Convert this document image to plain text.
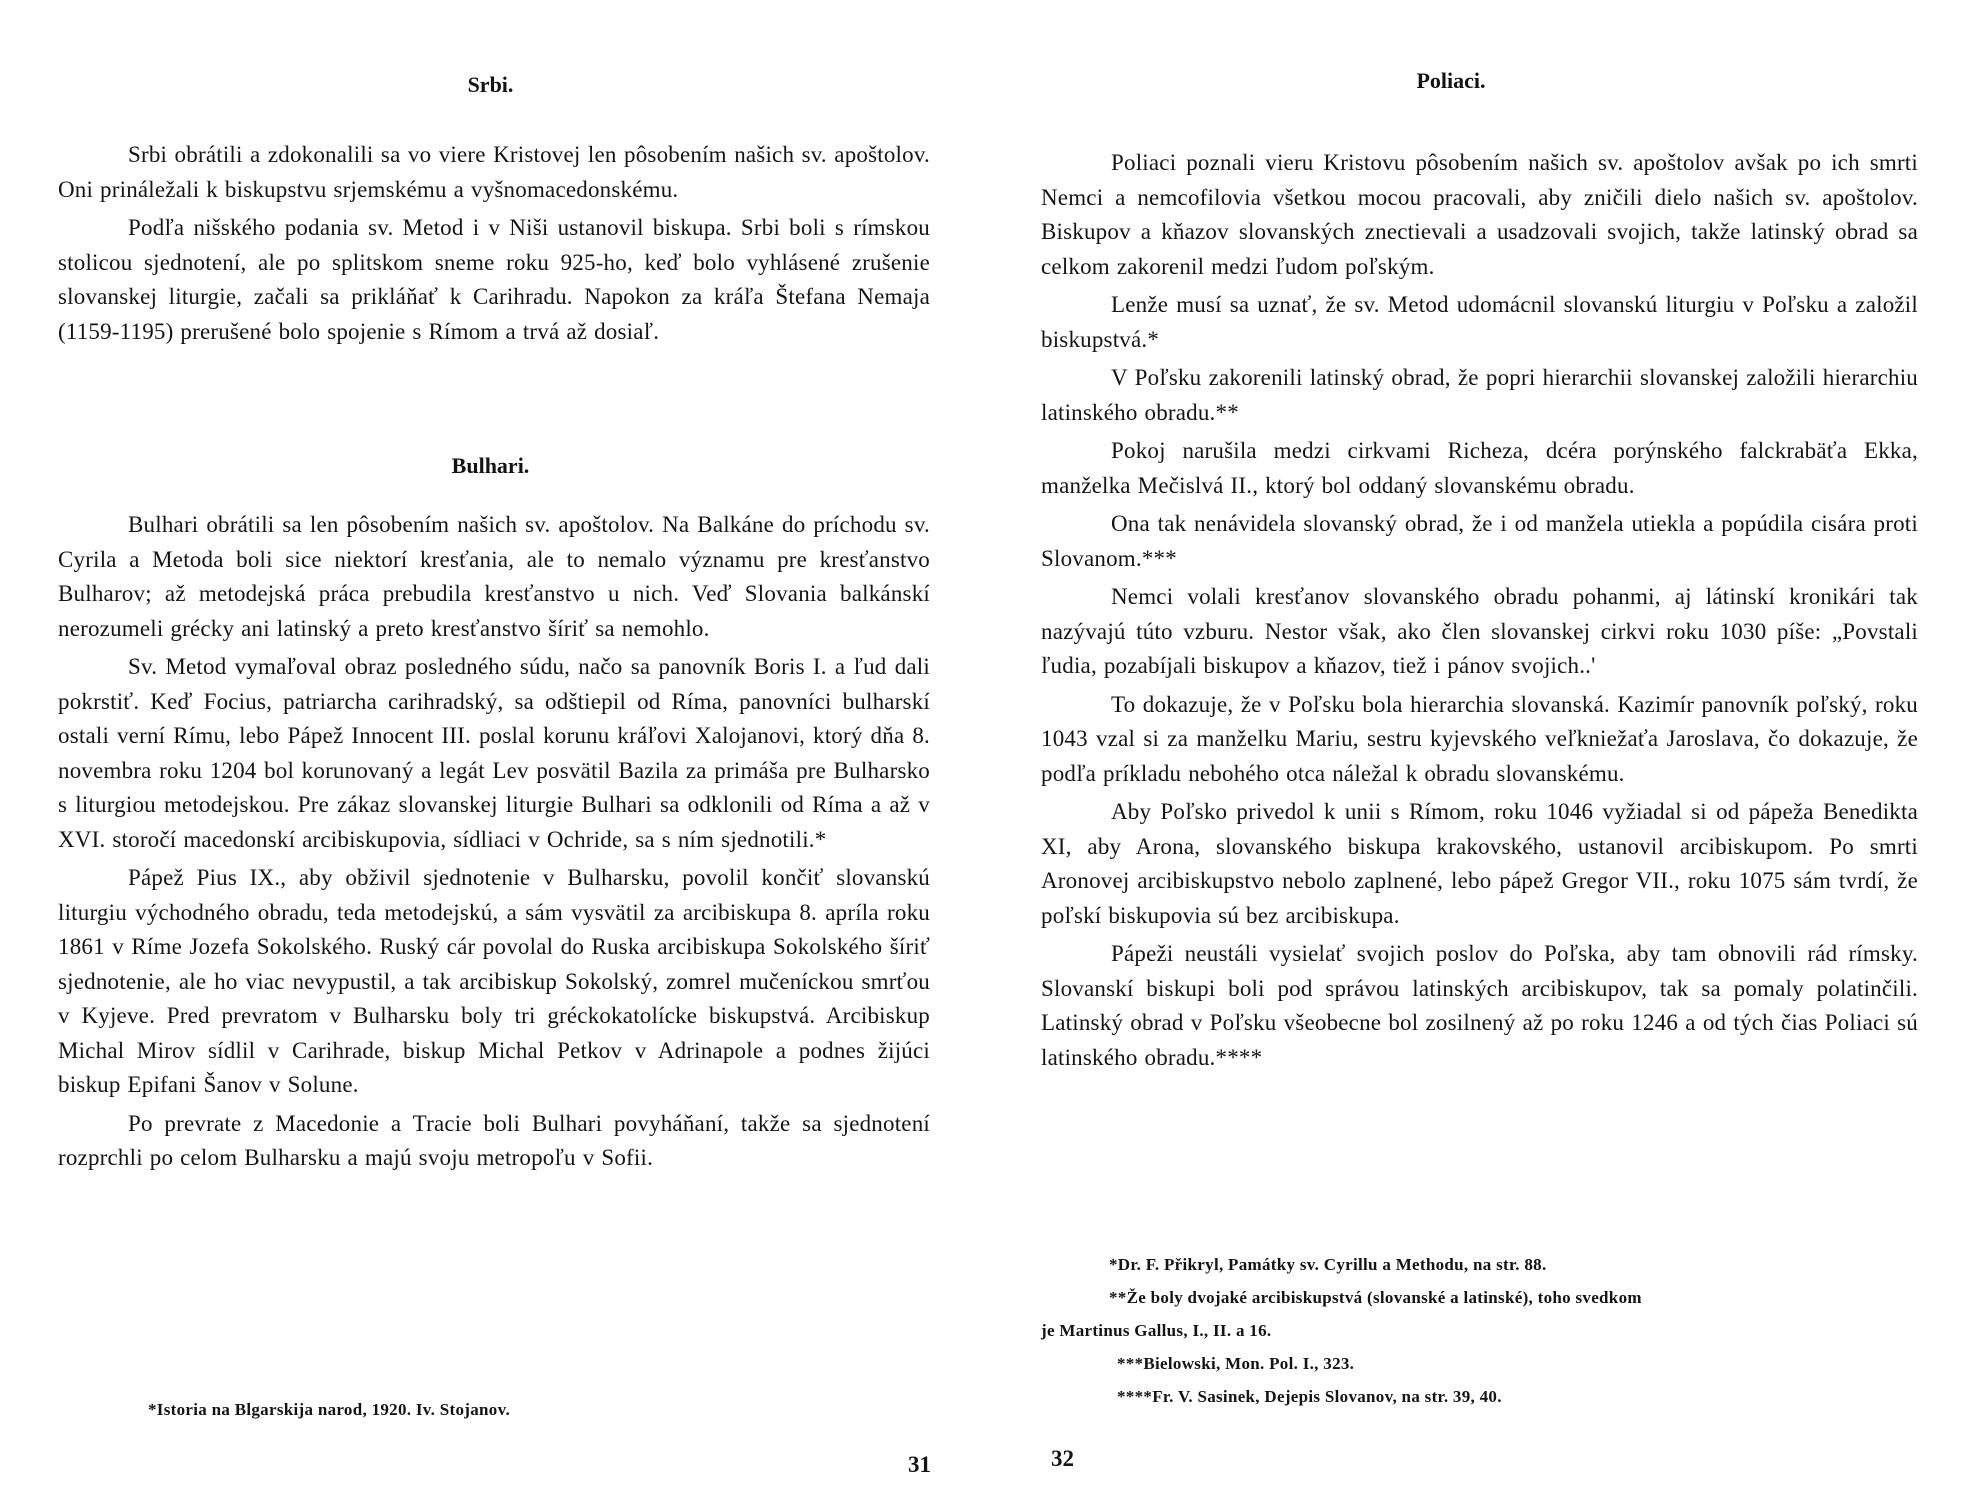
Srbi.

Srbi obrátili a zdokonalili sa vo viere Kristovej len pôsobením našich sv. apoštolov. Oni prináležali k biskupstvu srjemskému a vyšnomacedonskému.

Podľa nišského podania sv. Metod i v Niši ustanovil biskupa. Srbi boli s rímskou stolicou sjednotení, ale po splitskom sneme roku 925-ho, keď bolo vyhlásené zrušenie slovanskej liturgie, začali sa prikláňať k Carihradu. Napokon za kráľa Štefana Nemaja (1159-1195) prerušené bolo spojenie s Rímom a trvá až dosiaľ.

Bulhari.

Bulhari obrátili sa len pôsobením našich sv. apoštolov. Na Balkáne do príchodu sv. Cyrila a Metoda boli sice niektorí kresťania, ale to nemalo významu pre kresťanstvo Bulharov; až metodejská práca prebudila kresťanstvo u nich. Veď Slovania balkánskí nerozumeli grécky ani latinský a preto kresťanstvo šíriť sa nemohlo.

Sv. Metod vymaľoval obraz posledného súdu, načo sa panovník Boris I. a ľud dali pokrstiť. Keď Focius, patriarcha carihradský, sa odštiepil od Ríma, panovníci bulharskí ostali verní Rímu, lebo Pápež Innocent III. poslal korunu kráľovi Xalojanovi, ktorý dňa 8. novembra roku 1204 bol korunovaný a legát Lev posvätil Bazila za primáša pre Bulharsko s liturgiou metodejskou. Pre zákaz slovanskej liturgie Bulhari sa odklonili od Ríma a až v XVI. storočí macedonskí arcibiskupovia, sídliaci v Ochride, sa s ním sjednotili.*

Pápež Pius IX., aby obživil sjednotenie v Bulharsku, povolil končiť slovanskú liturgiu východného obradu, teda metodejskú, a sám vysvätil za arcibiskupa 8. apríla roku 1861 v Ríme Jozefa Sokolského. Ruský cár povolal do Ruska arcibiskupa Sokolského šíriť sjednotenie, ale ho viac nevypustil, a tak arcibiskup Sokolský, zomrel mučeníckou smrťou v Kyjeve. Pred prevratom v Bulharsku boly tri gréckokatolícke biskupstvá. Arcibiskup Michal Mirov sídlil v Carihrade, biskup Michal Petkov v Adrinapole a podnes žijúci biskup Epifani Šanov v Solune.

Po prevrate z Macedonie a Tracie boli Bulhari povyháňaní, takže sa sjednotení rozprchli po celom Bulharsku a majú svoju metropoľu v Sofii.

*Istoria na Blgarskija narod, 1920. Iv. Stojanov.

31
Poliaci.

Poliaci poznali vieru Kristovu pôsobením našich sv. apoštolov avšak po ich smrti Nemci a nemcofilovia všetkou mocou pracovali, aby zničili dielo našich sv. apoštolov. Biskupov a kňazov slovanských znectievali a usadzovali svojich, takže latinský obrad sa celkom zakorenil medzi ľudom poľským.

Lenže musí sa uznať, že sv. Metod udomácnil slovanskú liturgiu v Poľsku a založil biskupstvá.*

V Poľsku zakorenili latinský obrad, že popri hierarchii slovanskej založili hierarchiu latinského obradu.**

Pokoj narušila medzi cirkvami Richeza, dcéra porýnského falckrabäťa Ekka, manželka Mečislvá II., ktorý bol oddaný slovanskému obradu.

Ona tak nenávidela slovanský obrad, že i od manžela utiekla a popúdila cisára proti Slovanom.***

Nemci volali kresťanov slovanského obradu pohanmi, aj látinskí kronikári tak nazývajú túto vzburu. Nestor však, ako člen slovanskej cirkvi roku 1030 píše: „Povstali ľudia, pozabíjali biskupov a kňazov, tiež i pánov svojich..'

To dokazuje, že v Poľsku bola hierarchia slovanská. Kazimír panovník poľský, roku 1043 vzal si za manželku Mariu, sestru kyjevského veľkniežaťa Jaroslava, čo dokazuje, že podľa príkladu nebohého otca náležal k obradu slovanskému.

Aby Poľsko privedol k unii s Rímom, roku 1046 vyžiadal si od pápeža Benedikta XI, aby Arona, slovanského biskupa krakovského, ustanovil arcibiskupom. Po smrti Aronovej arcibiskupstvo nebolo zaplnené, lebo pápež Gregor VII., roku 1075 sám tvrdí, že poľskí biskupovia sú bez arcibiskupa.

Pápeži neustáli vysielať svojich poslov do Poľska, aby tam obnovili rád rímsky. Slovanskí biskupi boli pod správou latinských arcibiskupov, tak sa pomaly polatinčili. Latinský obrad v Poľsku všeobecne bol zosilnený až po roku 1246 a od tých čias Poliaci sú latinského obradu.****

*Dr. F. Přikryl, Památky sv. Cyrillu a Methodu, na str. 88.

**Že boly dvojaké arcibiskupstvá (slovanské a latinské), toho svedkom

je Martinus Gallus, I., II. a 16.

***Bielowski, Mon. Pol. I., 323.

****Fr. V. Sasinek, Dejepis Slovanov, na str. 39, 40.

32
